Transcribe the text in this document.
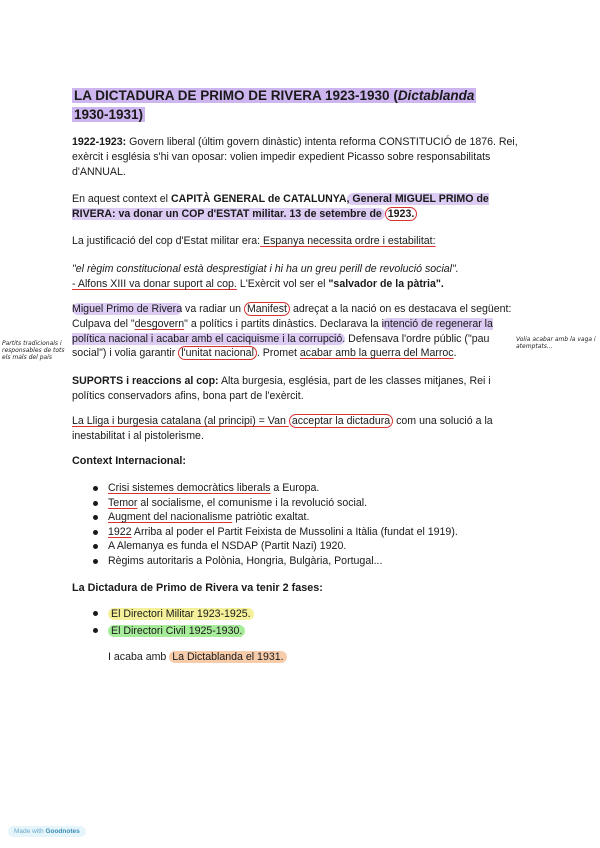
LA DICTADURA DE PRIMO DE RIVERA 1923-1930 (Dictablanda 1930-1931)
1922-1923: Govern liberal (últim govern dinàstic) intenta reforma CONSTITUCIÓ de 1876. Rei, exèrcit i església s'hi van oposar: volien impedir expedient Picasso sobre responsabilitats d'ANNUAL.
En aquest context el CAPITÀ GENERAL de CATALUNYA, General MIGUEL PRIMO de RIVERA: va donar un COP d'ESTAT militar. 13 de setembre de 1923.
La justificació del cop d'Estat militar era: Espanya necessita ordre i estabilitat:
"el règim constitucional està desprestigiat i hi ha un greu perill de revolució social".
- Alfons XIII va donar suport al cop. L'Exèrcit vol ser el "salvador de la pàtria".
Miguel Primo de Rivera va radiar un Manifest adreçat a la nació on es destacava el següent: Culpava del "desgovern" a polítics i partits dinàstics. Declarava la intenció de regenerar la política nacional i acabar amb el caciquisme i la corrupció. Defensava l'ordre públic ("pau social") i volia garantir l'unitat nacional . Promet acabar amb la guerra del Marroc.
SUPORTS i reaccions al cop: Alta burgesia, església, part de les classes mitjanes, Rei i polítics conservadors afins, bona part de l'exèrcit.
La Lliga i burgesia catalana (al principi) = Van acceptar la dictadura com una solució a la inestabilitat i al pistolerisme.
Context Internacional:
Crisi sistemes democràtics liberals a Europa.
Temor al socialisme, el comunisme i la revolució social.
Augment del nacionalisme patriòtic exaltat.
1922 Arriba al poder el Partit Feixista de Mussolini a Itàlia (fundat el 1919).
A Alemanya es funda el NSDAP (Partit Nazi) 1920.
Règims autoritaris a Polònia, Hongria, Bulgària, Portugal...
La Dictadura de Primo de Rivera va tenir 2 fases:
El Directori Militar 1923-1925.
El Directori Civil 1925-1930.
I acaba amb La Dictablanda el 1931.
Partits tradicionals i responsables de tots els mals del país
Volia acabar amb la vaga i atemptats...
Made with Goodnotes
